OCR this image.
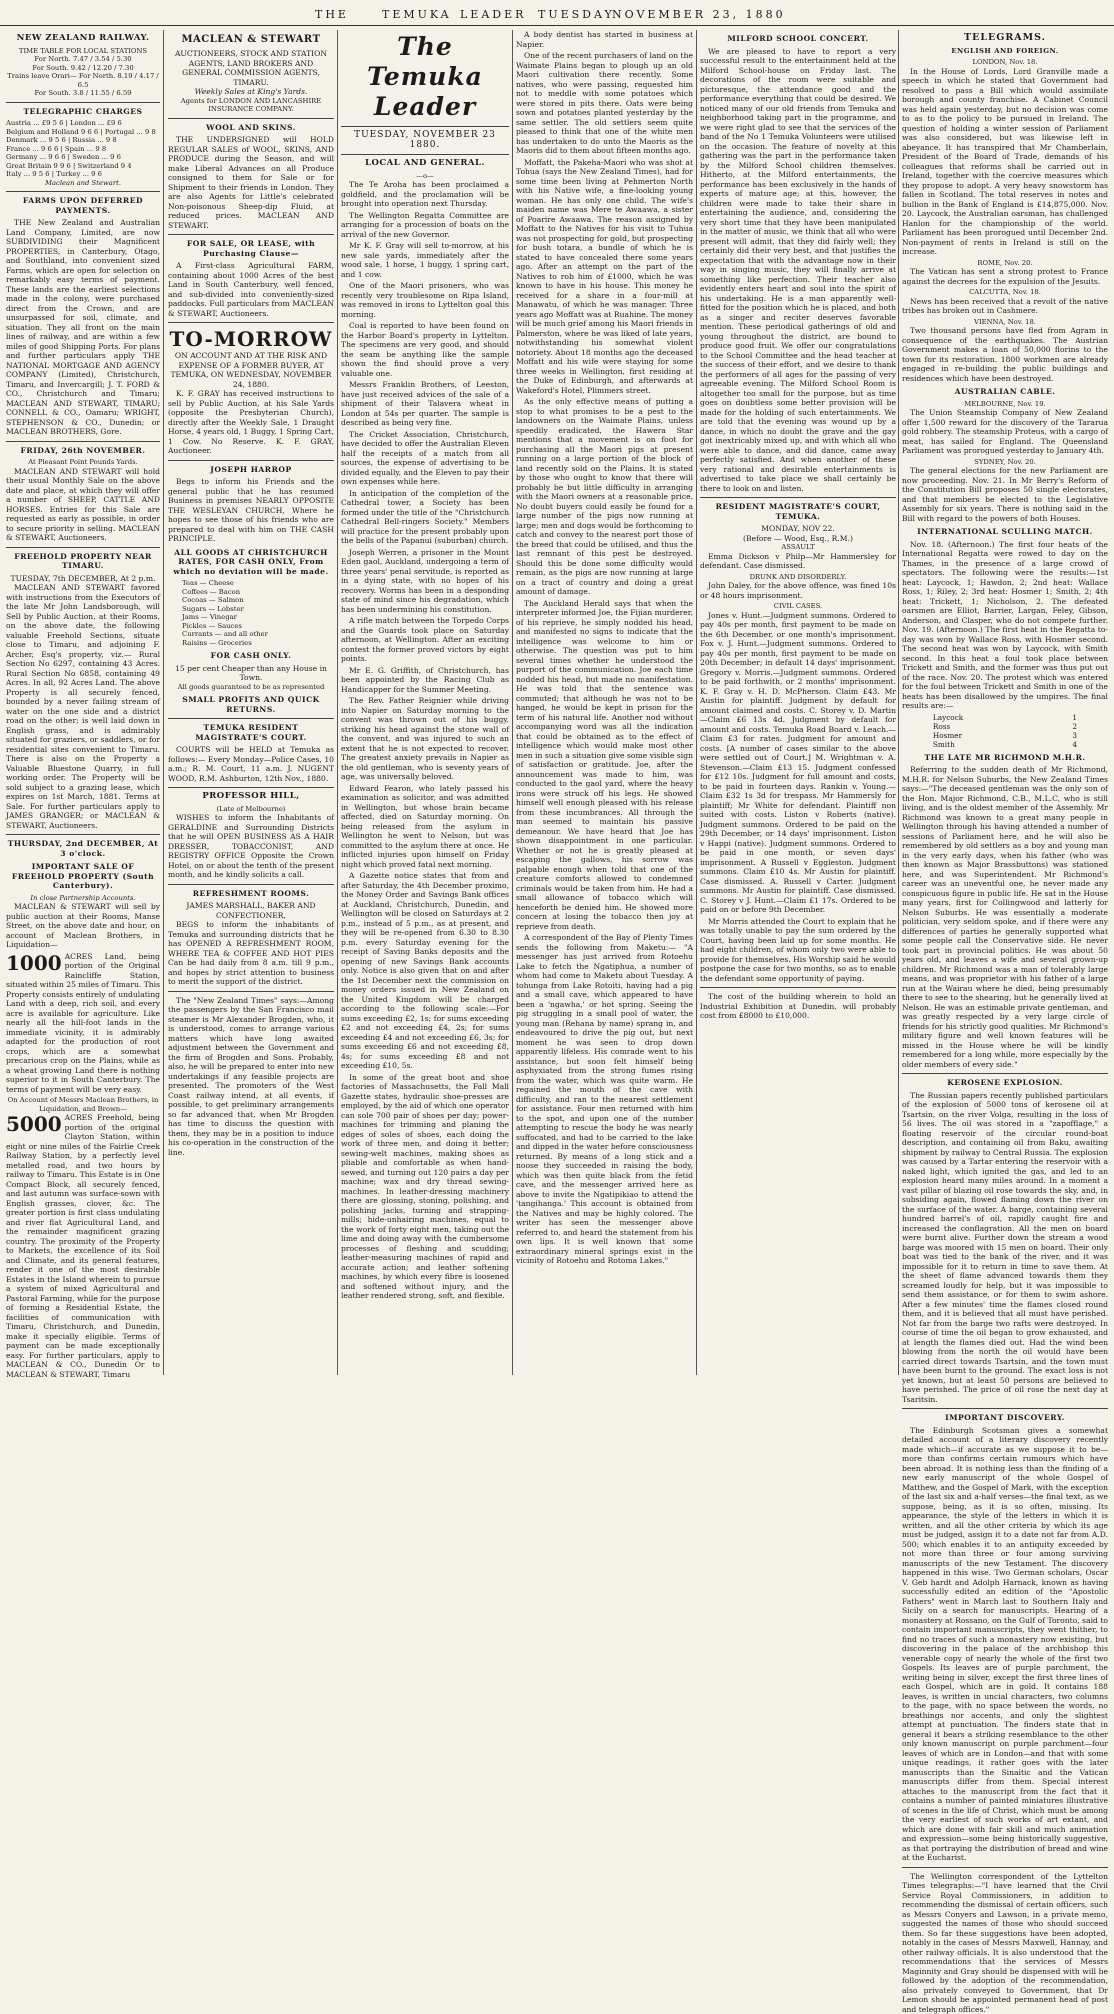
THE	TEMUKA LEADER TUESDAY
NOVEMBER 23, 1880
NEW ZEALAND RAILWAY.
TIME TABLE FOR LOCAL STATIONS
For North. 7.47 / 3.54 / 5.30
For South. 9.42 / 12.20 / 7.30
Trains leave Orari— For North. 8.19 / 4.17 / 6.5
For South. 3.8 / 11.55 / 6.59
TELEGRAPHIC CHARGES
Austria ... £9 5 6 | London ... £9 6
Belgium and Holland 9 6 6 | Portugal ... 9 8
Denmark ... 9 5 6 | Russia ... 9 8
France ... 9 6 6 | Spain ... 9 8
Germany ... 9 6 6 | Sweden ... 9 6
Great Britain 9 9 6 | Switzerland 9 4
Italy ... 9 5 6 | Turkey ... 9 6
Maclean and Stewart.
FARMS UPON DEFERRED PAYMENTS.

THE New Zealand and Australian Land Company, Limited, are now SUBDIVIDING their Magnificent PROPERTIES, in Canterbury, Otago, and Southland, into convenient sized Farms, which are open for selection on remarkably easy terms of payment. These lands are the earliest selections made in the colony, were purchased direct from the Crown, and are unsurpassed for soil, climate, and situation. They all front on the main lines of railway, and are within a few miles of good Shipping Ports. For plans and further particulars apply THE NATIONAL MORTGAGE AND AGENCY COMPANY (Limited), Christchurch, Timaru, and Invercargill; J. T. FORD & CO., Christchurch and Timaru; MACLEAN AND STEWART, TIMARU; CONNELL & CO., Oamaru; WRIGHT, STEPHENSON & CO., Dunedin; or MACLEAN BROTHERS, Gore.

FRIDAY, 26th NOVEMBER.
At Pleasant Point Pounds Yards.

MACLEAN AND STEWART will hold their usual Monthly Sale on the above date and place, at which they will offer a number of SHEEP, CATTLE AND HORSES. Entries for this Sale are requested as early as possible, in order to secure priority in selling. MACLEAN & STEWART, Auctioneers.

FREEHOLD PROPERTY NEAR TIMARU.
TUESDAY, 7th DECEMBER, At 2 p.m.

MACLEAN AND STEWART favored with instructions from the Executors of the late Mr John Landsborough, will Sell by Public Auction, at their Rooms, on the above date, the following valuable Freehold Sections, situate close to Timaru, and adjoining F. Archer, Esq's property, viz.— Rural Section No 6297, containing 43 Acres. Rural Section No 6858, containing 49 Acres. In all, 92 Acres Land. The above Property is all securely fenced, bounded by a never failing stream of water on the one side and a district road on the other; is well laid down in English grass, and is admirably situated for graziers, or saddlers, or for residential sites convenient to Timaru. There is also on the Property a Valuable Bluestone Quarry, in full working order. The Property will be sold subject to a grazing lease, which expires on 1st March, 1881. Terms at Sale. For further particulars apply to JAMES GRANGER; or MACLEAN & STEWART, Auctioneers.

THURSDAY, 2nd DECEMBER, At 3 o'clock.
IMPORTANT SALE OF FREEHOLD PROPERTY (South Canterbury).
In close Partnership Accounts.

MACLEAN & STEWART will sell by public auction at their Rooms, Manse Street, on the above date and hour, on account of Maclean Brothers, in Liquidation—

1000 ACRES Land, being portion of the Original Raincliffe Station, situated within 25 miles of Timaru. This Property consists entirely of undulating Land with a deep, rich soil, and every acre is available for agriculture. Like nearly all the hill-foot lands in the immediate vicinity, it is admirably adapted for the production of root crops, which are a somewhat precarious crop on the Plains, while as a wheat growing Land there is nothing superior to it in South Canterbury. The terms of payment will be very easy.
On Account of Messrs Maclean Brothers, in Liquidation, and Brown—
5000 ACRES Freehold, being portion of the original Clayton Station, within eight or nine miles of the Fairlie Creek Railway Station, by a perfectly level metalled road, and two hours by railway to Timaru. This Estate is in One Compact Block, all securely fenced, and last autumn was surface-sown with English grasses, clover, &c. The greater portion is first class undulating and river flat Agricultural Land, and the remainder magnificent grazing country. The proximity of the Property to Markets, the excellence of its Soil and Climate, and its general features, render it one of the most desirable Estates in the Island wherein to pursue a system of mixed Agricultural and Pastoral Farming, while for the purpose of forming a Residential Estate, the facilities of communication with Timaru, Christchurch, and Dunedin, make it specially eligible. Terms of payment can be made exceptionally easy. For further particulars, apply to MACLEAN & CO., Dunedin Or to MACLEAN & STEWART, Timaru
MACLEAN & STEWART
AUCTIONEERS, STOCK AND STATION AGENTS, LAND BROKERS AND GENERAL COMMISSION AGENTS, TIMARU.
Weekly Sales at King's Yards.
Agents for LONDON AND LANCASHIRE INSURANCE COMPANY.
WOOL AND SKINS.

THE UNDERSIGNED will HOLD REGULAR SALES of WOOL, SKINS, AND PRODUCE during the Season, and will make Liberal Advances on all Produce consigned to them for Sale or for Shipment to their friends in London. They are also Agents for Little's celebrated Non-poisonous Sheep-dip Fluid, at reduced prices. MACLEAN AND STEWART.

FOR SALE, OR LEASE, with Purchasing Clause—

A First-class Agricultural FARM, containing about 1000 Acres of the best Land in South Canterbury, well fenced, and sub-divided into conveniently-sized paddocks. Full particulars from MACLEAN & STEWART, Auctioneers.

TO-MORROW
ON ACCOUNT AND AT THE RISK AND EXPENSE OF A FORMER BUYER, AT TEMUKA, ON WEDNESDAY, NOVEMBER 24, 1880.

K. F. GRAY has received instructions to sell by Public Auction, at his Sale Yards (opposite the Presbyterian Church), directly after the Weekly Sale, 1 Draught Horse, 4 years old, 1 Buggy, 1 Spring Cart, 1 Cow. No Reserve. K. F. GRAY, Auctioneer.

JOSEPH HARROP

Begs to inform his Friends and the general public that he has resumed Business in premises NEARLY OPPOSITE THE WESLEYAN CHURCH, Where he hopes to see those of his friends who are prepared to deal with him on THE CASH PRINCIPLE.

ALL GOODS AT CHRISTCHURCH RATES, FOR CASH ONLY, From which no deviation will be made.
Teas — Cheese
Coffees — Bacon
Cocoas — Salmon
Sugars — Lobster
Jams — Vinegar
Pickles — Sauces
Currants — and all other
Raisins — Groceries
FOR CASH ONLY.
15 per cent Cheaper than any House in Town.
All goods guaranteed to be as represented
SMALL PROFITS AND QUICK RETURNS.
TEMUKA RESIDENT MAGISTRATE'S COURT.

COURTS will be HELD at Temuka as follows:— Every Monday—Police Cases, 10 a.m.; R. M. Court, 11 a.m. J. NUGENT WOOD, R.M. Ashburton, 12th Nov., 1880.

PROFESSOR HILL,
(Late of Melbourne)

WISHES to inform the Inhabitants of GERALDINE and Surrounding Districts that he will OPEN BUSINESS AS A HAIR DRESSER, TOBACCONIST, AND REGISTRY OFFICE Opposite the Crown Hotel, on or about the tenth of the present month, and he kindly solicits a call.

REFRESHMENT ROOMS.
JAMES MARSHALL, BAKER AND CONFECTIONER,

BEGS to inform the inhabitants of Temuka and surrounding districts that he has OPENED A REFRESHMENT ROOM, WHERE TEA & COFFEE AND HOT PIES Can be had daily from 8 a.m. till 9 p.m., and hopes by strict attention to business to merit the support of the district.

The "New Zealand Times" says:—Among the passengers by the San Francisco mail steamer is Mr Alexander Brogden, who, it is understood, comes to arrange various matters which have long awaited adjustment between the Government and the firm of Brogden and Sons. Probably, also, he will be prepared to enter into new undertakings if any feasible projects are presented. The promoters of the West Coast railway intend, at all events, if possible, to get preliminary arrangements so far advanced that, when Mr Brogden has time to discuss the question with them, they may be in a position to induce his co-operation in the construction of the line.

The Temuka Leader
TUESDAY, NOVEMBER 23 1880.
LOCAL AND GENERAL.
—o—

The Te Aroha has been proclaimed a goldfield, and the proclamation will be brought into operation next Thursday.

The Wellington Regatta Committee are arranging for a procession of boats on the arrival of the new Governor.

Mr K. F. Gray will sell to-morrow, at his new sale yards, immediately after the wood sale, 1 horse, 1 buggy, 1 spring cart, and 1 cow.

One of the Maori prisoners, who was recently very troublesome on Ripa Island, was removed in irons to Lyttelton goal this morning.

Coal is reported to have been found on the Harbor Board's property in Lyttelton. The specimens are very good, and should the seam be anything like the sample shown the find should prove a very valuable one.

Messrs Franklin Brothers, of Leeston, have just received advices of the sale of a shipment of their Talavera wheat in London at 54s per quarter. The sample is described as being very fine.

The Cricket Association, Christchurch, have decided to offer the Australian Eleven half the receipts of a match from all sources, the expense of advertising to be divided equally, and the Eleven to pay their own expenses while here.

In anticipation of the completion of the Cathedral tower, a Society has been formed under the title of the "Christchurch Cathedral Bell-ringers Society." Members will practice for the present probably upon the bells of the Papanui (suburban) church.

Joseph Werren, a prisoner in the Mount Eden gaol, Auckland, undergoing a term of three years' penal servitude, is reported as in a dying state, with no hopes of his recovery. Worms has been in a desponding state of mind since his degradation, which has been undermining his constitution.

A rifle match between the Torpedo Corps and the Guards took place on Saturday afternoon, at Wellington. After an exciting contest the former proved victors by eight points.

Mr E. G. Griffith, of Christchurch, has been appointed by the Racing Club as Handicapper for the Summer Meeting.

The Rev. Father Reignier while driving into Napier on Saturday morning to the convent was thrown out of his buggy, striking his head against the stone wall of the convent, and was injured to such an extent that he is not expected to recover. The greatest anxiety prevails in Napier as the old gentleman, who is seventy years of age, was universally beloved.

Edward Fearon, who lately passed his examination as solicitor, and was admitted in Wellington, but whose brain became affected, died on Saturday morning. On being released from the asylum in Wellington he went to Nelson, but was committed to the asylum there at once. He inflicted injuries upon himself on Friday night which proved fatal next morning.

A Gazette notice states that from and after Saturday, the 4th December proximo, the Money Order and Savings Bank offices at Auckland, Christchurch, Dunedin, and Wellington will be closed on Saturdays at 2 p.m., instead of 5 p.m., as at present, and they will be re-opened from 6.30 to 8.30 p.m. every Saturday evening for the receipt of Saving Banks deposits and the opening of new Savings Bank accounts only. Notice is also given that on and after the 1st December next the commission on money orders issued in New Zealand on the United Kingdom will be charged according to the following scale:—For sums exceeding £2, 1s; for sums exceeding £2 and not exceeding £4, 2s; for sums exceeding £4 and not exceeding £6, 3s; for sums exceeding £6 and not exceeding £8, 4s; for sums exceeding £8 and not exceeding £10, 5s.

In some of the great boot and shoe factories of Massachusetts, the Fall Mall Gazette states, hydraulic shoe-presses are employed, by the aid of which one operator can sole 700 pair of shoes per day; power-machines for trimming and planing the edges of soles of shoes, each doing the work of three men, and doing it better; sewing-welt machines, making shoes as pliable and comfortable as when hand-sewed, and turning out 120 pairs a day per machine; wax and dry thread sewing-machines. In leather-dressing machinery there are glossing, stoning, polishing, and polishing jacks, turning and strapping-mills; hide-unhairing machines, equal to the work of forty eight men, taking out the lime and doing away with the cumbersome processes of fleshing and scudding; leather-measuring machines of rapid and accurate action; and leather softening machines, by which every fibre is loosened and softened without injury, and the leather rendered strong, soft, and flexible.

A body dentist has started in business at Napier.

One of the recent purchasers of land on the Waimate Plains began to plough up an old Maori cultivation there recently. Some natives, who were passing, requested him not to meddle with some potatoes which were stored in pits there. Oats were being sown and potatoes planted yesterday by the same settler. The old settlers seem quite pleased to think that one of the white men has undertaken to do unto the Maoris as the Maoris did to them about fifteen months ago.

Moffatt, the Pakeha-Maori who was shot at Tohua (says the New Zealand Times), had for some time been living at Pehmerton North with his Native wife, a fine-looking young woman. He has only one child. The wife's maiden name was Mere te Awaawa, a sister of Poarire Awaawa. The reason assigned by Moffatt to the Natives for his visit to Tuhua was not prospecting for gold, but prospecting for bush totara, a bundle of which he is stated to have concealed there some years ago. After an attempt on the part of the Natives to rob him of £1000, which he was known to have in his house. This money he received for a share in a four-mill at Manawatu, of which he was manager. Three years ago Moffatt was at Ruahine. The money will be much grief among his Maori friends in Palmerston, where he was liked of late years, notwithstanding his somewhat violent notoriety. About 18 months ago the deceased Moffatt and his wife were staying for some three weeks in Wellington, first residing at the Duke of Edinburgh, and afterwards at Wakeford's Hotel, Plimmers street.

As the only effective means of putting a stop to what promises to be a pest to the landowners on the Waimate Plains, unless speedily eradicated, the Hawera Star mentions that a movement is on foot for purchasing all the Maori pigs at present running on a large portion of the block of land recently sold on the Plains. It is stated by those who ought to know that there will probably be but little difficulty in arranging with the Maori owners at a reasonable price. No doubt buyers could easily be found for a large number of the pigs now running at large; men and dogs would be forthcoming to catch and convey to the nearest port those of the breed that could be utilised, and thus the last remnant of this pest be destroyed. Should this be done some difficulty would remain, as the pigs are now running at large on a tract of country and doing a great amount of damage.

The Auckland Herald says that when the interpreter informed Joe, the Fijian murderer, of his reprieve, he simply nodded his head, and manifested no signs to indicate that the intelligence was welcome to him or otherwise. The question was put to him several times whether he understood the purport of the communication. Joe each time nodded his head, but made no manifestation. He was told that the sentence was commuted; that although he was not to be hanged, he would be kept in prison for the term of his natural life. Another nod without accompanying word was all the indication that could be obtained as to the effect of intelligence which would make most other men in such a situation give some visible sign of satisfaction or gratitude. Joe, after the announcement was made to him, was conducted to the gaol yard, where the heavy irons were struck off his legs. He showed himself well enough pleased with his release from these incumbrances. All through the man seemed to maintain his passive demeanour. We have heard that Joe has shown disappointment in one particular. Whether or not he is greatly pleased at escaping the gallows, his sorrow was palpable enough when told that one of the creature comforts allowed to condemned criminals would be taken from him. He had a small allowance of tobacco which will henceforth be denied him. He showed more concern at losing the tobacco then joy at reprieve from death.

A correspondent of the Bay of Plenty Times sends the following from Maketu:— "A messenger has just arrived from Rotoehu Lake to fetch the Ngatiphua, a number of whom had come to Maketu about Tuesday. A tohunga from Lake Rotoiti, having had a pig and a small cave, which appeared to have been a 'ngawha,' or hot spring. Seeing the pig struggling in a small pool of water, the young man (Rehana by name) sprang in, and endeavoured to drive the pig out, but next moment he was seen to drop down apparently lifeless. His comrade went to his assistance, but soon felt himself being asphyxiated from the strong fumes rising from the water, which was quite warm. He regained the mouth of the cave with difficulty, and ran to the nearest settlement for assistance. Four men returned with him to the spot, and upon one of the number attempting to rescue the body he was nearly suffocated, and had to be carried to the lake and dipped in the water before consciousness returned. By means of a long stick and a noose they succeeded in raising the body, which was then quite black from the fetid cave, and the messenger arrived here as above to invite the Ngatipikiao to attend the 'tangihanga.' This account is obtained from the Natives and may be highly colored. The writer has seen the messenger above referred to, and heard the statement from his own lips. It is well known that some extraordinary mineral springs exist in the vicinity of Rotoehu and Rotoma Lakes."

MILFORD SCHOOL CONCERT.

We are pleased to have to report a very successful result to the entertainment held at the Milford School-house on Friday last. The decorations of the room were suitable and picturesque, the attendance good and the performance everything that could be desired. We noticed many of our old friends from Temuka and neighborhood taking part in the programme, and we were right glad to see that the services of the band of the No 1 Temuka Volunteers were utilised on the occasion. The feature of novelty at this gathering was the part in the performance taken by the Milford School children themselves. Hitherto, at the Milford entertainments, the performance has been exclusively in the hands of experts of mature age; at this, however, the children were made to take their share in entertaining the audience, and, considering the very short time that they have been manipulated in the matter of music, we think that all who were present will admit, that they did fairly well; they certainly did their very best, and that justifies the expectation that with the advantage now in their way in singing music, they will finally arrive at something like perfection. Their teacher also evidently enters heart and soul into the spirit of his undertaking. He is a man apparently well-fitted for the position which he is placed, and both as a singer and reciter deserves favorable mention. These periodical gatherings of old and young throughout the district, are bound to produce good fruit. We offer our congratulations to the School Committee and the head teacher at the success of their effort, and we desire to thank the performers of all ages for the passing of very agreeable evening. The Milford School Room is altogether too small for the purpose, but as time goes on doubtless some better provision will be made for the holding of such entertainments. We are told that the evening was wound up by a dance, in which no doubt the grave and the gay got inextricably mixed up, and with which all who were able to dance, and did dance, came away perfectly satisfied. And when another of these very rational and desirable entertainments is advertised to take place we shall certainly be there to look on and listen.

RESIDENT MAGISTRATE'S COURT, TEMUKA.
MONDAY, NOV 22.
(Before — Wood, Esq., R.M.)
ASSAULT

Emma Dickson v Philp—Mr Hammersley for defendant. Case dismissed.

DRUNK AND DISORDERLY.

John Daley, for the above offence, was fined 10s or 48 hours imprisonment.

CIVIL CASES.

Jones v. Hunt.—Judgment summons. Ordered to pay 40s per month, first payment to be made on the 6th December, or one month's imprisonment. Fox v. J. Hunt.—Judgment summons. Ordered to pay 40s per month, first payment to be made on 20th December; in default 14 days' imprisonment. Gregory v. Morris.—Judgment summons. Ordered to be paid forthwith, or 2 months' imprisonment. K. F. Gray v. H. D. McPherson. Claim £43. Mr Austin for plaintiff. Judgment by default for amount claimed and costs. C. Storey v. D. Martin—Claim £6 13s 4d. Judgment by default for amount and costs. Temuka Road Board v. Leach.—Claim £3 for rates. Judgment for amount and costs. [A number of cases similar to the above were settled out of Court.] M. Wrightman v. A. Stevenson.—Claim £13 15. Judgment confessed for £12 10s. Judgment for full amount and costs, to be paid in fourteen days. Rankin v. Young.—Claim £32 1s 3d for trespass. Mr Hammersly for plaintiff; Mr White for defendant. Plaintiff non suited with costs. Liston v Roberts (native). Judgment summons. Ordered to be paid on the 29th December, or 14 days' imprisonment. Liston v Happi (native). Judgment summons. Ordered to be paid in one month, or seven days' imprisonment. A Russell v Eggleston. Judgment summons. Claim £10 4s. Mr Austin for plaintiff. Case dismissed. A. Russell v Carter. Judgment summons. Mr Austin for plaintiff. Case dismissed. C. Storey v J. Hunt.—Claim £1 17s. Ordered to be paid on or before 9th December.

Mr Morris attended the Court to explain that he was totally unable to pay the sum ordered by the Court, having been laid up for some months. He had eight children, of whom only two were able to provide for themselves. His Worship said he would postpone the case for two months, so as to enable the defendant some opportunity of paying.

The cost of the building wherein to hold an Industrial Exhibition at Dunedin, will probably cost from £8000 to £10,000.

TELEGRAMS.
ENGLISH AND FOREIGN.
LONDON, Nov. 18.

In the House of Lords, Lord Granville made a speech in which he stated that Government had resolved to pass a Bill which would assimilate borough and county franchise. A Cabinet Council was held again yesterday, but no decision was come to as to the policy to be pursued in Ireland. The question of holding a winter session of Parliament was also considered, but was likewise left in abeyance. It has transpired that Mr Chamberlain, President of the Board of Trade, demands of his colleagues that reforms shall be carried out in Ireland, together with the coercive measures which they propose to adopt. A very heavy snowstorm has fallen in Scotland. The total reserves in notes and bullion in the Bank of England is £14,875,000. Nov. 20. Laycock, the Australian oarsman, has challenged Hanlon for the championship of the world. Parliament has been prorogued until December 2nd. Non-payment of rents in Ireland is still on the increase.

ROME, Nov. 20.

The Vatican has sent a strong protest to France against the decrees for the expulsion of the Jesuits.

CALCUTTA, Nov. 18.

News has been received that a revolt of the native tribes has broken out in Cashmere.

VIENNA, Nov. 18.

Two thousand persons have fled from Agram in consequence of the earthquakes. The Austrian Government makes a loan of 50,000 florins to the town for its restoration. 1800 workmen are already engaged in re-building the public buildings and residences which have been destroyed.

AUSTRALIAN CABLE.
MELBOURNE, Nov. 19.

The Union Steamship Company of New Zealand offer 1,500 reward for the discovery of the Tararua gold robbery. The steamship Proteus, with a cargo of meat, has sailed for England. The Queensland Parliament was prorogued yesterday to January 4th.

SYDNEY, Nov. 20.

The general elections for the new Parliament are now proceeding. Nov. 21. In Mr Berry's Reform of the Constitution Bill proposes 50 single electorates, and that members be elected to the Legislative Assembly for six years. There is nothing said in the Bill with regard to the powers of both Houses.

INTERNATIONAL SCULLING MATCH.

Nov. 18. (Afternoon.) The first four heats of the International Regatta were rowed to day on the Thames, in the presence of a large crowd of spectators. The following were the results:—1st heat: Laycock, 1; Hawdon, 2; 2nd heat: Wallace Ross, 1; Riley, 2; 3rd heat: Hosmer 1; Smith, 2; 4th heat: Trickett, 1; Nicholson, 2. The defeated oarsmen are Elliot, Barrier, Largan, Feley, Gibson, Anderson, and Clasper, who do not compete further. Nov. 19. (Afternoon.) The first heat in the Regatta to-day was won by Wallace Ross, with Hosmer second. The second heat was won by Laycock, with Smith second. In this heat a foul took place between Trickett and Smith, and the former was thus put out of the race. Nov. 20. The protest which was entered for the foul between Trickett and Smith in one of the heats has been disallowed by the umpires. The final results are:—

Laycock	1
Ross	2
Hosmer	3
Smith	4
THE LATE MR RICHMOND M.H.R.

Referring to the sudden death of Mr Richmond, M.H.R. for Nelson Suburbs, the New Zealand Times says:—"The deceased gentleman was the only son of the Hon. Major Richmond, C.B., M.L.C, who is still living, and is the oldest member of the Assembly. Mr Richmond was known to a great many people in Wellington through his having attended a number of sessions of Parliament here, and he will also be remembered by old settlers as a boy and young man in the very early days, when his father (who was then known as Major Brassbuttons) was stationed here, and was Superintendent. Mr Richmond's career was an uneventful one, he never made any conspicuous figure in public life. He sat in the House many years, first for Collingwood and latterly for Nelson Suburbs. He was essentially a moderate politician, very seldom spoke, and if there were any differences of parties he generally supported what some people call the Conservative side. He never took part in provincial politics. He was about 50 years old, and leaves a wife and several grown-up children. Mr Richmond was a man of tolerably large means, and was proprietor with his father of a large run at the Wairau where he died, being presumably there to see to the shearing, but he generally lived at Nelson. He was an estimable private gentleman, and was greatly respected by a very large circle of friends for his strictly good qualities. Mr Richmond's military figure and well known features will be missed in the House where he will be kindly remembered for a long while, more especially by the older members of every side."

KEROSENE EXPLOSION.

The Russian papers recently published particulars of the explosion of 5000 tons of kerosene oil at Tsartsin, on the river Volga, resulting in the loss of 56 lives. The oil was stored in a "zapofflage," a floating reservoir of the circular round-boat description, and containing oil from Baku, awaiting shipment by railway to Central Russia. The explosion was caused by a Tartar entering the reservoir with a naked light, which ignited the gas, and led to an explosion heard many miles around. In a moment a vast pillar of blazing oil rose towards the sky, and, in subsiding again, flowed flaming down the river on the surface of the water. A barge, containing several hundred barrel's of oil, rapidly caught fire and increased the conflagration. All the men on board were burnt alive. Further down the stream a wood barge was moored with 15 men on board. Their only boat was tied to the bank of the river, and it was impossible for it to return in time to save them. At the sheet of flame advanced towards them they screamed loudly for help, but it was impossible to send them assistance, or for them to swim ashore. After a few minutes' time the flames closed round them, and it is believed that all must have perished. Not far from the barge two rafts were destroyed. In course of time the oil began to grow exhausted, and at length the flames died out. Had the wind been blowing from the north the oil would have been carried direct towards Tsartsin, and the town must have been burnt to the ground. The exact loss is not yet known, but at least 50 persons are believed to have perished. The price of oil rose the next day at Tsaritsin.

IMPORTANT DISCOVERY.

The Edinburgh Scotsman gives a somewhat detailed account of a literary discovery recently made which—if accurate as we suppose it to be—more than confirms certain rumours which have been abroad. It is nothing less than the finding of a new early manuscript of the whole Gospel of Matthew, and the Gospel of Mark, with the exception of the last six and a-half verses—the final text, as we suppose, being, as it is so often, missing. Its appearance, the style of the letters in which it is written, and all the other criteria by which its age must be judged, assign it to a date not far from A.D. 500; which enables it to an antiquity exceeded by not more than three or four among surviving manuscripts of the new Testament. The discovery happened in this wise. Two German scholars, Oscar V. Geb hardt and Adolph Harnack, known as having successfully edited an edition of the "Apostolic Fathers" went in March last to Southern Italy and Sicily on a search for manuscripts. Hearing of a monastery at Rossano, on the Gulf of Toronto, said to contain important manuscripts, they went thither, to find no traces of such a monastery now existing, but discovering in the palace of the archbishop this venerable copy of nearly the whole of the first two Gospels. Its leaves are of purple parchment, the writing being in silver, except the first three lines of each Gospel, which are in gold. It contains 188 leaves, is written in uncial characters, two columns to the page, with no space between the words, no breathings nor accents, and only the slightest attempt at punctuation. The finders state that in general it bears a striking resemblance to the other only known manuscript on purple parchment—four leaves of which are in London—and that with some unique readings, it rather goes with the later manuscripts than the Sinaitic and the Vatican manuscripts differ from them. Special interest attaches to the manuscript from the fact that it contains a number of painted miniatures illustrative of scenes in the life of Christ, which must be among the very earliest of such works of art extant, and which are done with fair skill and much animation and expression—some being historically suggestive, as that portraying the distribution of bread and wine at the Eucharist.

The Wellington correspondent of the Lyttelton Times telegraphs:—"I have learned that the Civil Service Royal Commissioners, in addition to recommending the dismissal of certain officers, such as Messrs Conyers and Lawson, in a private memo, suggested the names of those who should succeed them. So far these suggestions have been adopted, notably in the cases of Messrs Maxwell, Hannay, and other railway officials. It is also understood that the recommendations that the services of Messrs Maginnity and Gray should be dispensed with will be followed by the adoption of the recommendation, also privately conveyed to Government, that Dr Lemon should be appointed permanent head of post and telegraph offices."
